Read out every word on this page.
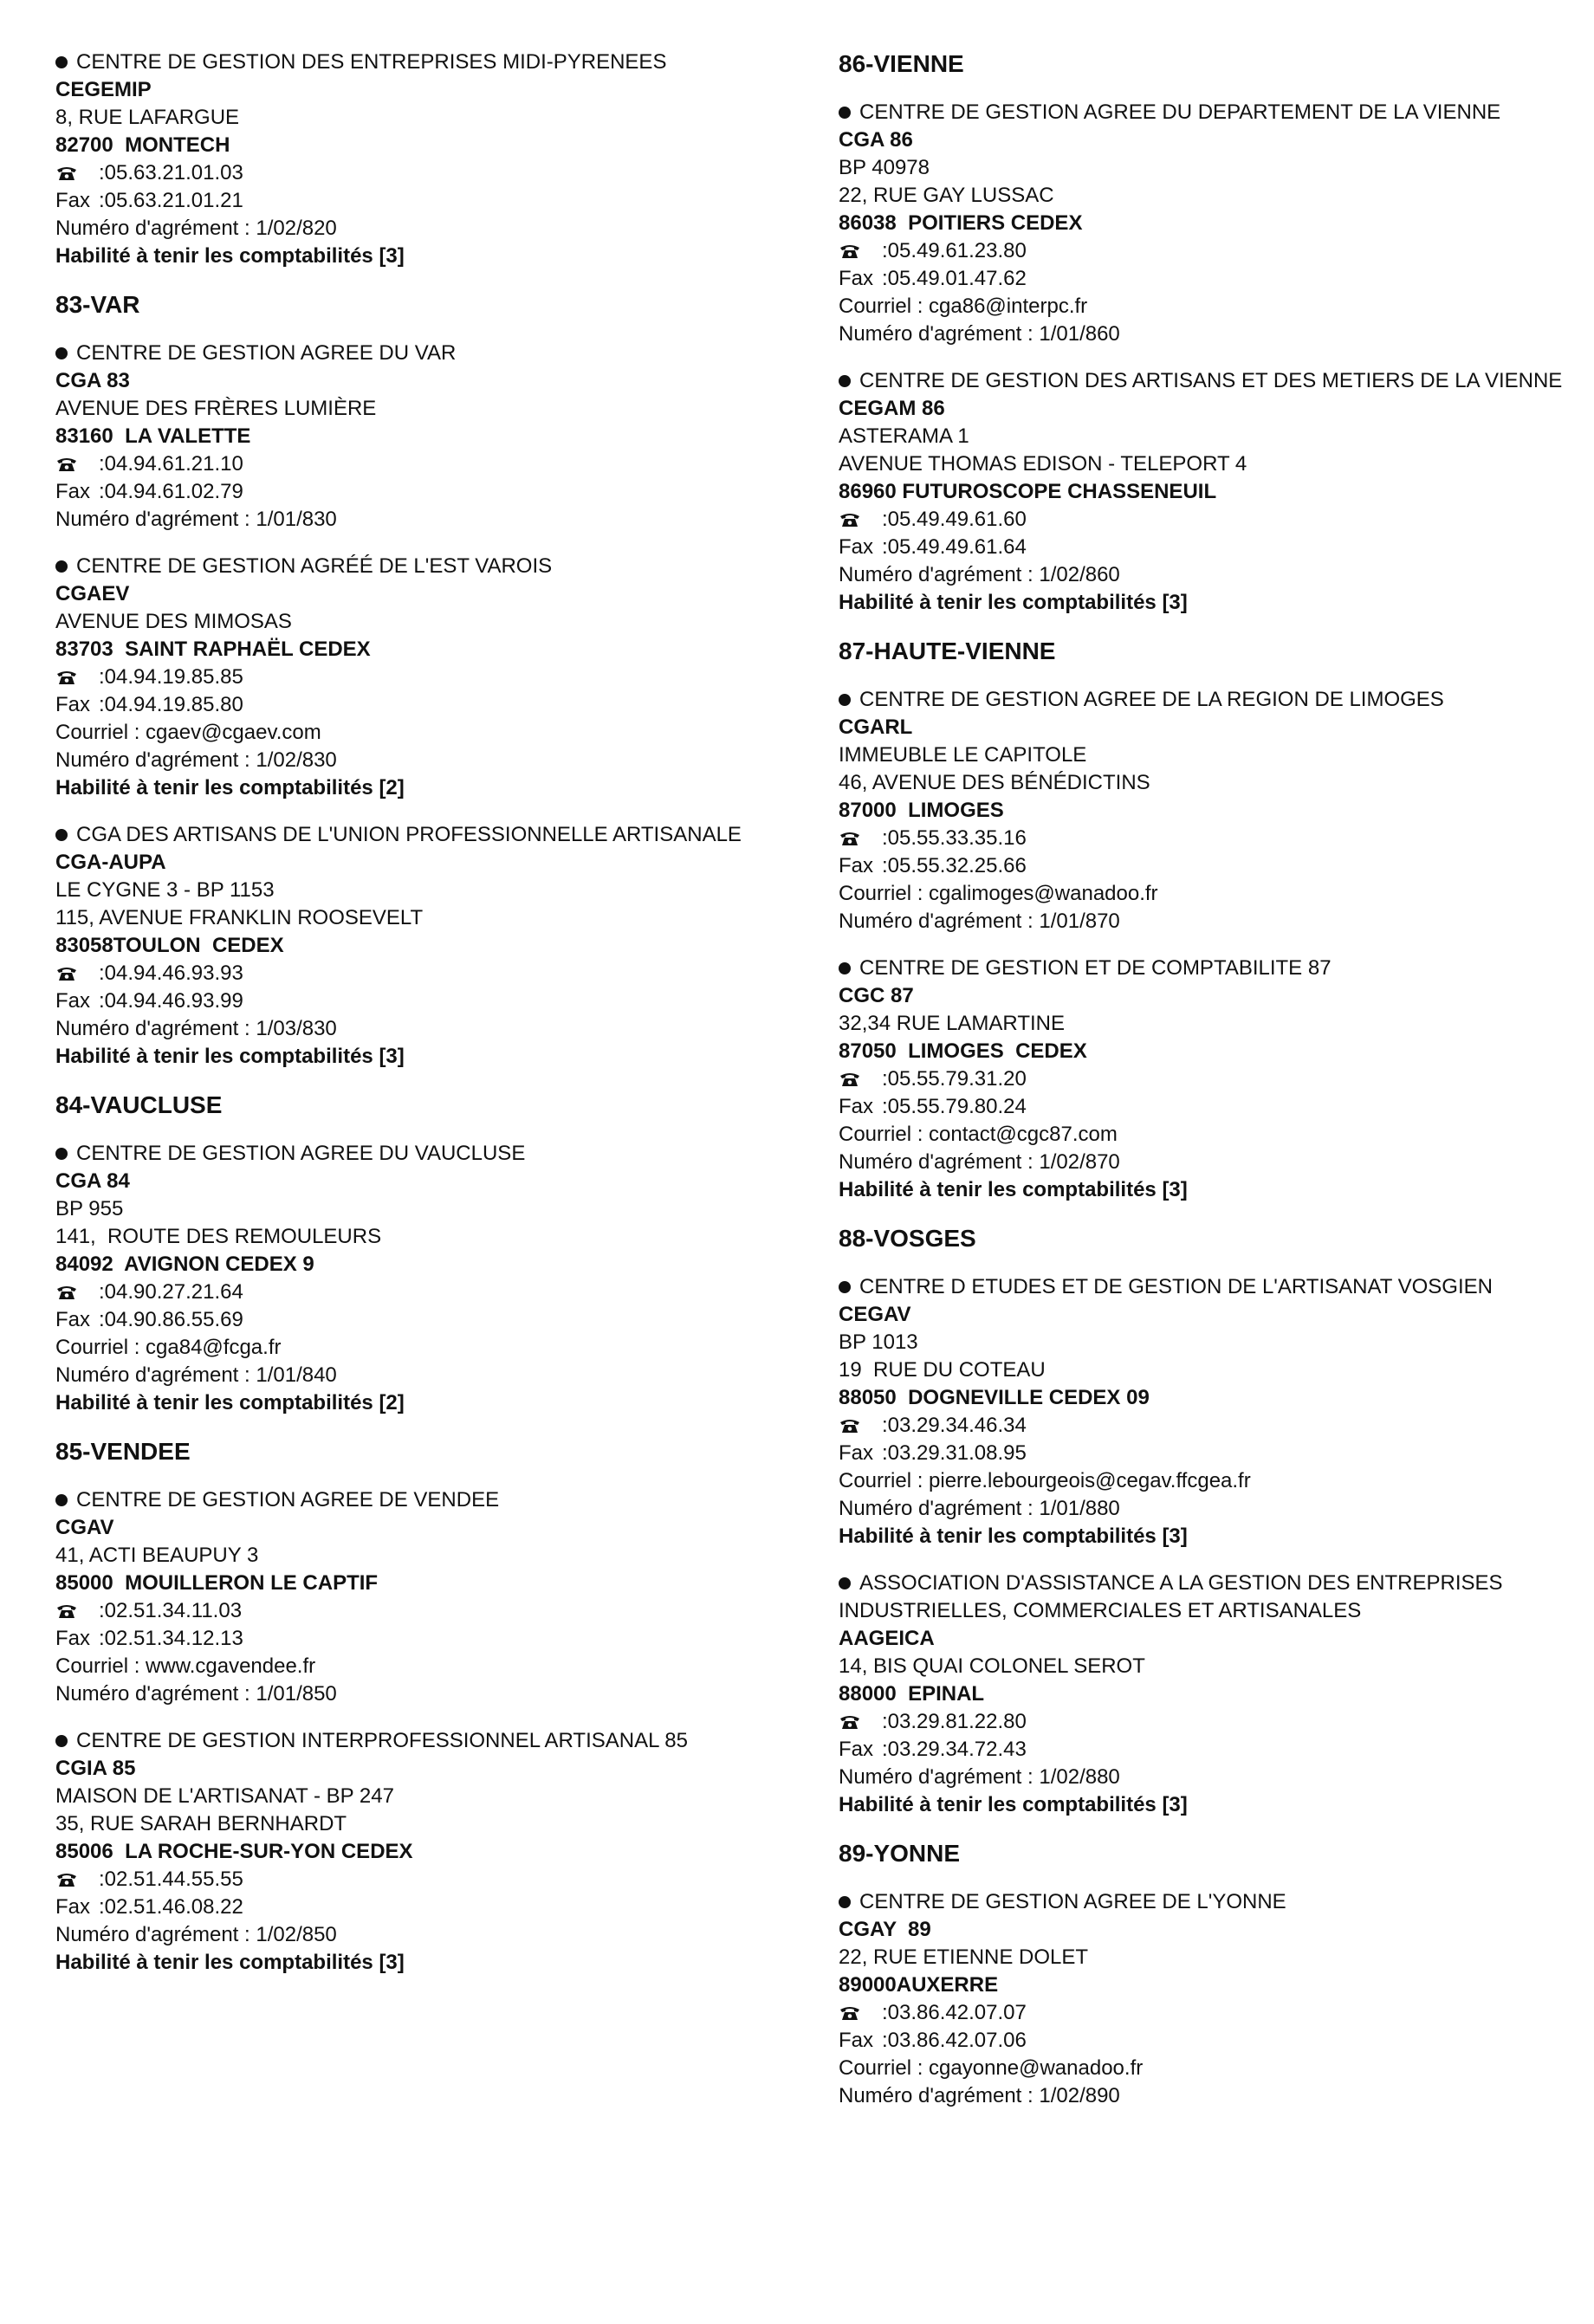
CENTRE DE GESTION DES ENTREPRISES MIDI-PYRENEES
CEGEMIP
8, RUE LAFARGUE
82700  MONTECH
: 05.63.21.01.03
Fax : 05.63.21.01.21
Numéro d'agrément : 1/02/820
Habilité à tenir les comptabilités [3]
83-VAR
CENTRE DE GESTION AGREE DU VAR
CGA 83
AVENUE DES FRÈRES LUMIÈRE
83160  LA VALETTE
: 04.94.61.21.10
Fax : 04.94.61.02.79
Numéro d'agrément : 1/01/830
CENTRE DE GESTION AGRÉÉ DE L'EST VAROIS
CGAEV
AVENUE DES MIMOSAS
83703  SAINT RAPHAËL CEDEX
: 04.94.19.85.85
Fax : 04.94.19.85.80
Courriel : cgaev@cgaev.com
Numéro d'agrément : 1/02/830
Habilité à tenir les comptabilités [2]
CGA DES ARTISANS DE L'UNION PROFESSIONNELLE ARTISANALE
CGA-AUPA
LE CYGNE 3 - BP 1153
115, AVENUE FRANKLIN ROOSEVELT
83058TOULON  CEDEX
: 04.94.46.93.93
Fax : 04.94.46.93.99
Numéro d'agrément : 1/03/830
Habilité à tenir les comptabilités [3]
84-VAUCLUSE
CENTRE DE GESTION AGREE DU VAUCLUSE
CGA 84
BP 955
141,  ROUTE DES REMOULEURS
84092  AVIGNON CEDEX 9
: 04.90.27.21.64
Fax : 04.90.86.55.69
Courriel : cga84@fcga.fr
Numéro d'agrément : 1/01/840
Habilité à tenir les comptabilités [2]
85-VENDEE
CENTRE DE GESTION AGREE DE VENDEE
CGAV
41, ACTI BEAUPUY 3
85000  MOUILLERON LE CAPTIF
: 02.51.34.11.03
Fax : 02.51.34.12.13
Courriel : www.cgavendee.fr
Numéro d'agrément : 1/01/850
CENTRE DE GESTION INTERPROFESSIONNEL ARTISANAL 85
CGIA 85
MAISON DE L'ARTISANAT - BP 247
35, RUE SARAH BERNHARDT
85006  LA ROCHE-SUR-YON CEDEX
: 02.51.44.55.55
Fax : 02.51.46.08.22
Numéro d'agrément : 1/02/850
Habilité à tenir les comptabilités [3]
86-VIENNE
CENTRE DE GESTION AGREE DU DEPARTEMENT DE LA VIENNE
CGA 86
BP 40978
22, RUE GAY LUSSAC
86038  POITIERS CEDEX
: 05.49.61.23.80
Fax : 05.49.01.47.62
Courriel : cga86@interpc.fr
Numéro d'agrément : 1/01/860
CENTRE DE GESTION DES ARTISANS ET DES METIERS DE LA VIENNE
CEGAM 86
ASTERAMA 1
AVENUE THOMAS EDISON - TELEPORT 4
86960 FUTUROSCOPE CHASSENEUIL
: 05.49.49.61.60
Fax : 05.49.49.61.64
Numéro d'agrément : 1/02/860
Habilité à tenir les comptabilités [3]
87-HAUTE-VIENNE
CENTRE DE GESTION AGREE DE LA REGION DE LIMOGES
CGARL
IMMEUBLE LE CAPITOLE
46, AVENUE DES BÉNÉDICTINS
87000  LIMOGES
: 05.55.33.35.16
Fax : 05.55.32.25.66
Courriel : cgalimoges@wanadoo.fr
Numéro d'agrément : 1/01/870
CENTRE DE GESTION ET DE COMPTABILITE 87
CGC 87
32,34 RUE LAMARTINE
87050  LIMOGES  CEDEX
: 05.55.79.31.20
Fax : 05.55.79.80.24
Courriel : contact@cgc87.com
Numéro d'agrément : 1/02/870
Habilité à tenir les comptabilités [3]
88-VOSGES
CENTRE D ETUDES ET DE GESTION DE L'ARTISANAT VOSGIEN
CEGAV
BP 1013
19  RUE DU COTEAU
88050  DOGNEVILLE CEDEX 09
: 03.29.34.46.34
Fax : 03.29.31.08.95
Courriel : pierre.lebourgeois@cegav.ffcgea.fr
Numéro d'agrément : 1/01/880
Habilité à tenir les comptabilités [3]
ASSOCIATION D'ASSISTANCE A LA GESTION DES ENTREPRISES INDUSTRIELLES, COMMERCIALES ET ARTISANALES
AAGEICA
14, BIS QUAI COLONEL SEROT
88000  EPINAL
: 03.29.81.22.80
Fax : 03.29.34.72.43
Numéro d'agrément : 1/02/880
Habilité à tenir les comptabilités [3]
89-YONNE
CENTRE DE GESTION AGREE DE L'YONNE
CGAY  89
22, RUE ETIENNE DOLET
89000AUXERRE
: 03.86.42.07.07
Fax : 03.86.42.07.06
Courriel : cgayonne@wanadoo.fr
Numéro d'agrément : 1/02/890
